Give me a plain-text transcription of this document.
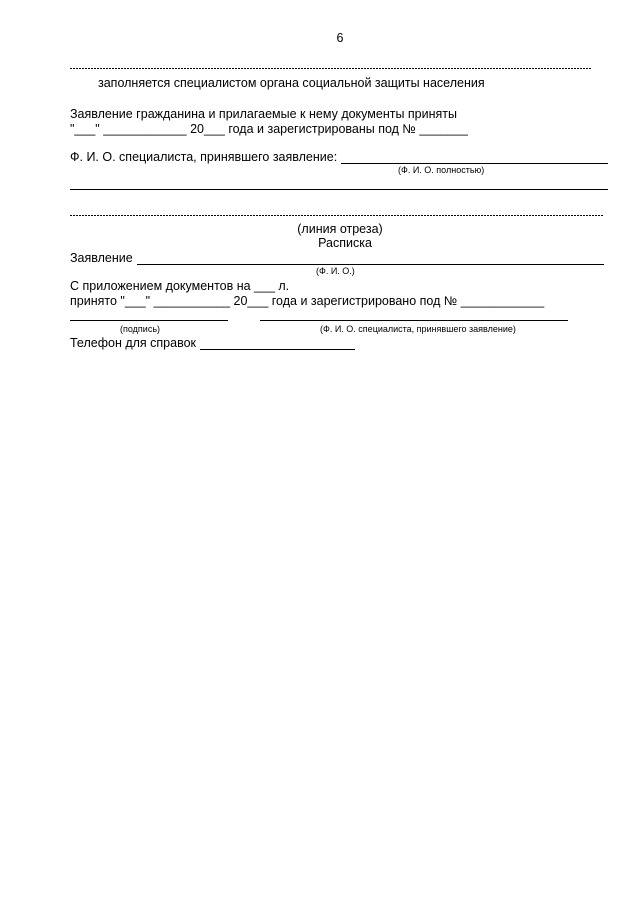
6
заполняется специалистом органа социальной защиты населения
Заявление гражданина и прилагаемые к нему документы приняты
"___" ____________ 20___ года и зарегистрированы под № _______
Ф. И. О. специалиста, принявшего заявление:
(Ф. И. О. полностью)
(линия отреза)
Расписка
Заявление
(Ф. И. О.)
С приложением документов на ___ л.
принято "___" ___________ 20___ года и зарегистрировано под № ____________
(подпись)	(Ф. И. О. специалиста, принявшего заявление)
Телефон для справок
